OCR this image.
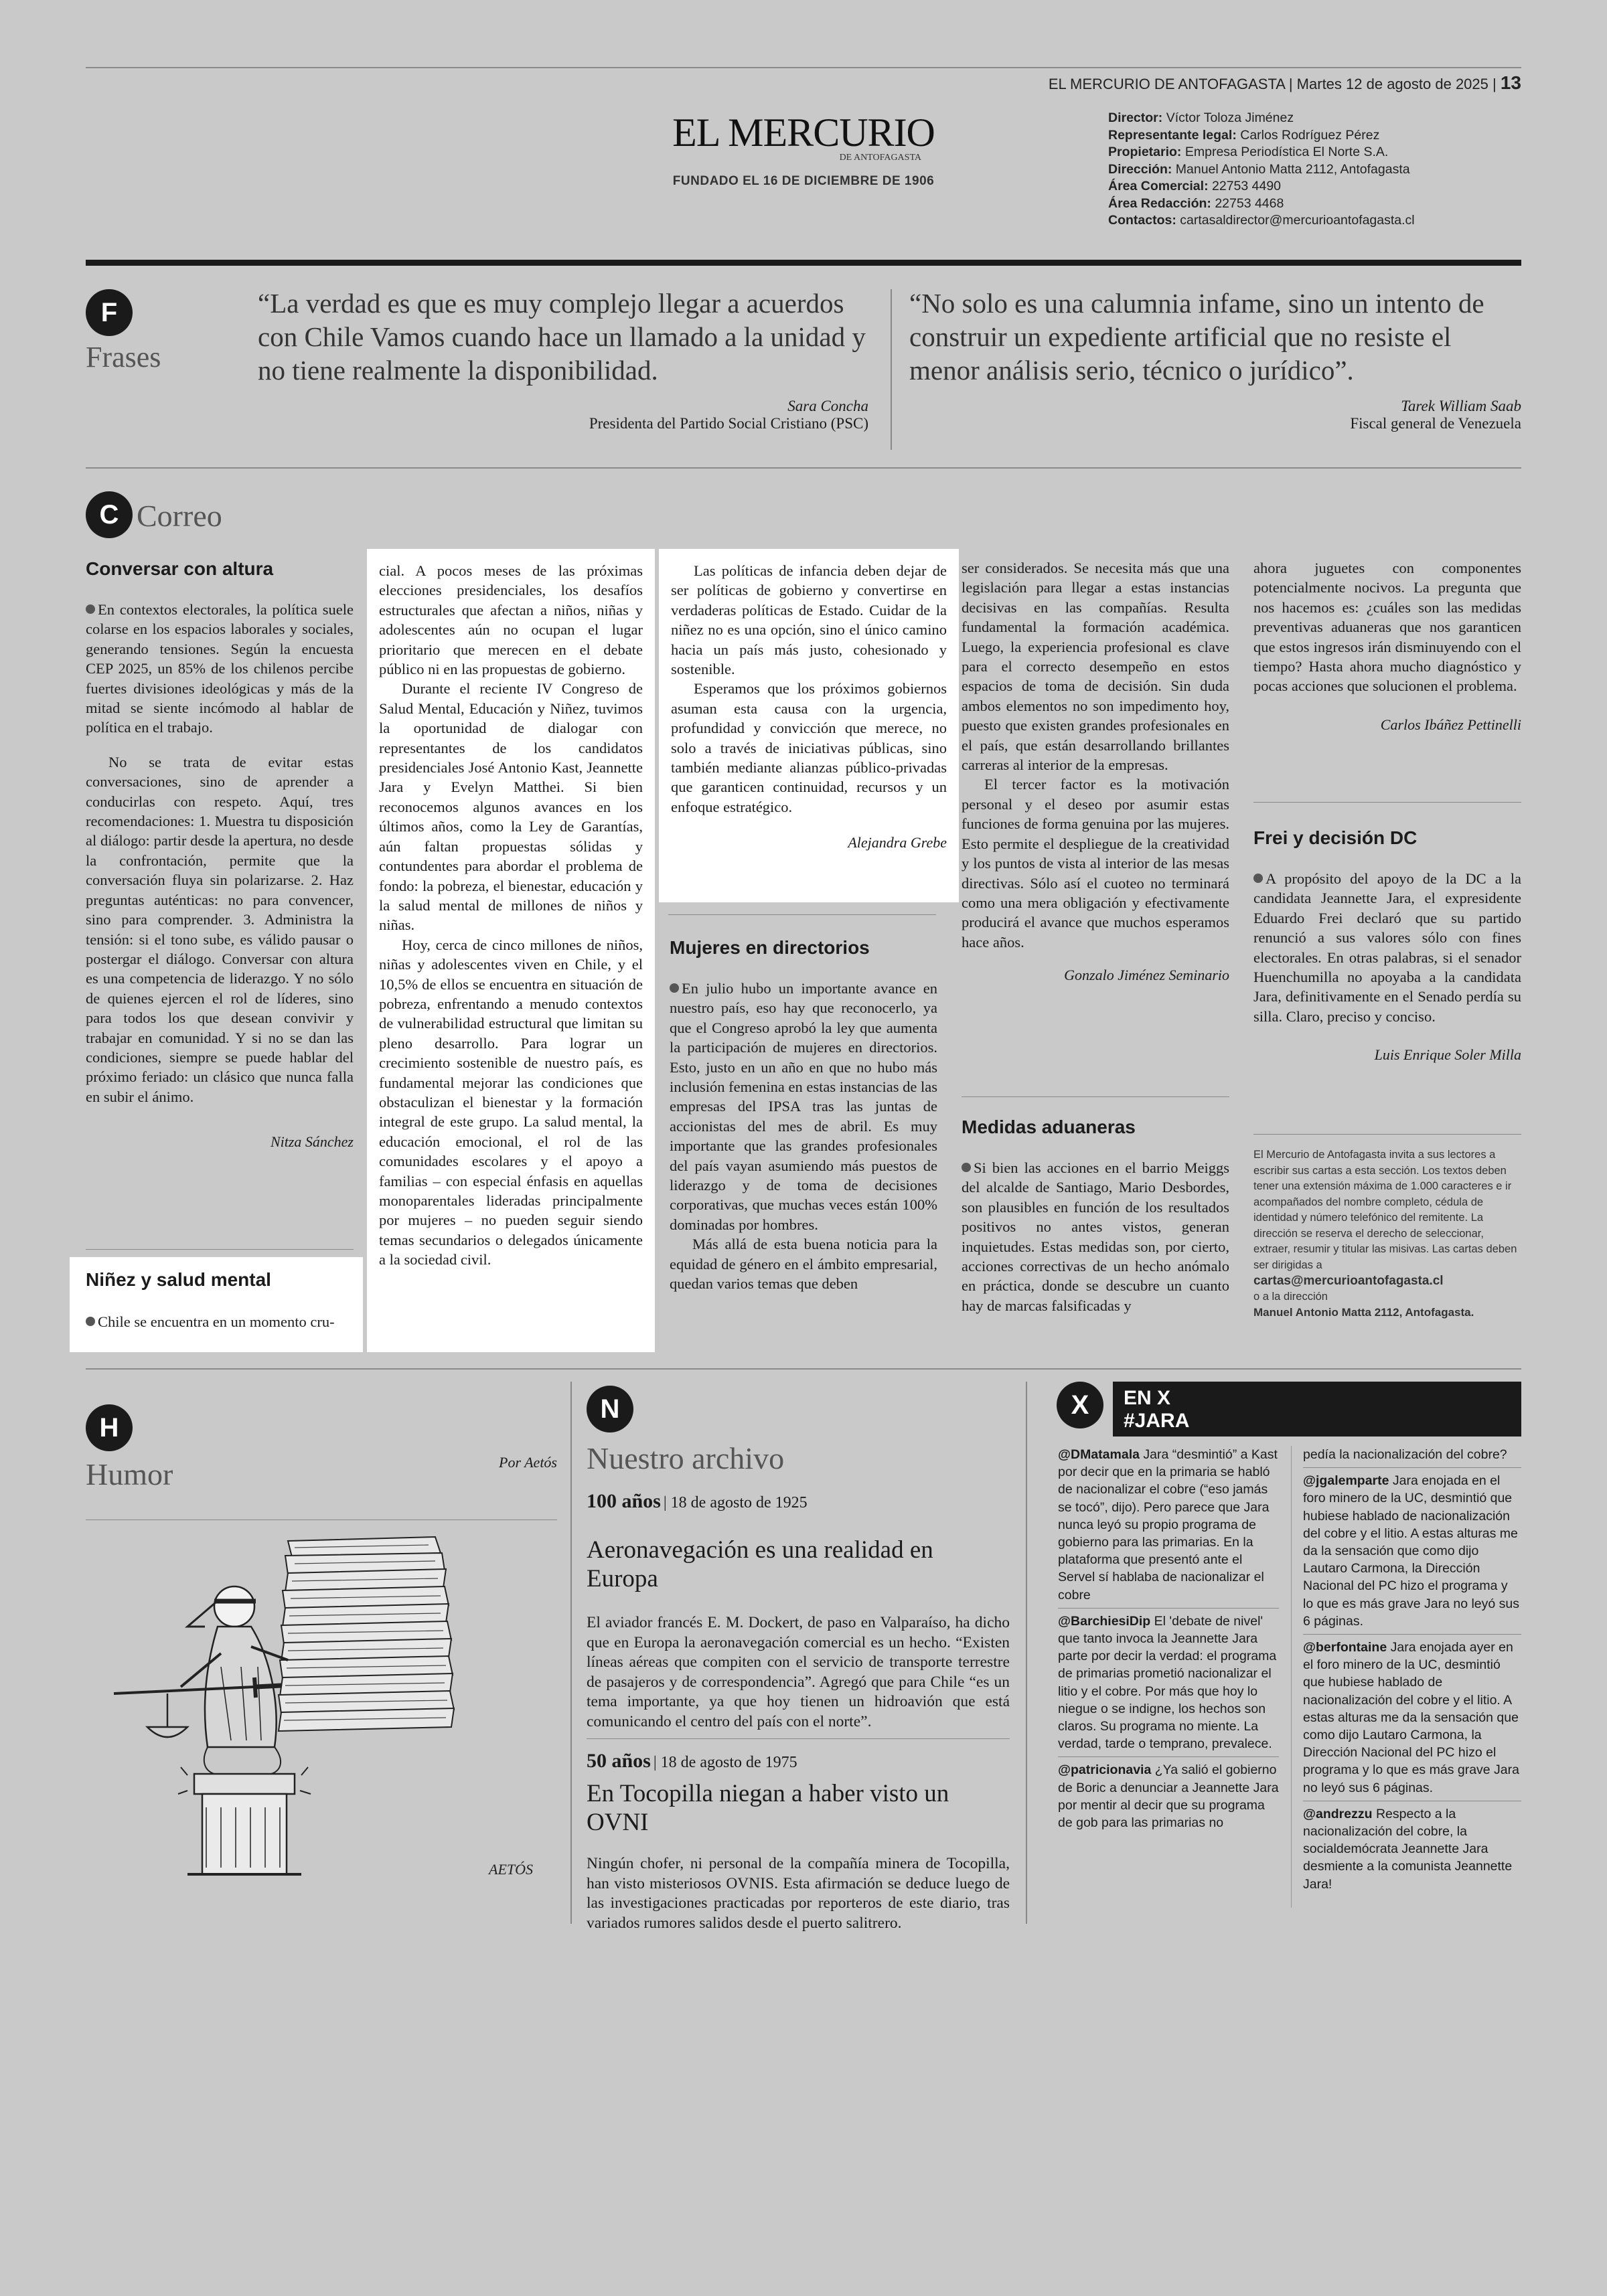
EL MERCURIO DE ANTOFAGASTA | Martes 12 de agosto de 2025 | 13
EL MERCURIO
DE ANTOFAGASTA
FUNDADO EL 16 DE DICIEMBRE DE 1906
Director: Víctor Toloza Jiménez
Representante legal: Carlos Rodríguez Pérez
Propietario: Empresa Periodística El Norte S.A.
Dirección: Manuel Antonio Matta 2112, Antofagasta
Área Comercial: 22753 4490
Área Redacción: 22753 4468
Contactos: cartasaldirector@mercurioantofagasta.cl
F
Frases
“La verdad es que es muy complejo llegar a acuerdos con Chile Vamos cuando hace un llamado a la unidad y no tiene realmente la disponibilidad.
Sara Concha
Presidenta del Partido Social Cristiano (PSC)
“No solo es una calumnia infame, sino un intento de construir un expediente artificial que no resiste el menor análisis serio, técnico o jurídico”.
Tarek William Saab
Fiscal general de Venezuela
C Correo
Conversar con altura

En contextos electorales, la política suele colarse en los espacios laborales y sociales, generando tensiones. Según la encuesta CEP 2025, un 85% de los chilenos percibe fuertes divisiones ideológicas y más de la mitad se siente incómodo al hablar de política en el trabajo.

No se trata de evitar estas conversaciones, sino de aprender a conducirlas con respeto. Aquí, tres recomendaciones: 1. Muestra tu disposición al diálogo: partir desde la apertura, no desde la confrontación, permite que la conversación fluya sin polarizarse. 2. Haz preguntas auténticas: no para convencer, sino para comprender. 3. Administra la tensión: si el tono sube, es válido pausar o postergar el diálogo. Conversar con altura es una competencia de liderazgo. Y no sólo de quienes ejercen el rol de líderes, sino para todos los que desean convivir y trabajar en comunidad. Y si no se dan las condiciones, siempre se puede hablar del próximo feriado: un clásico que nunca falla en subir el ánimo.

Nitza Sánchez
Niñez y salud mental
Chile se encuentra en un momento cru-

cial. A pocos meses de las próximas elecciones presidenciales, los desafíos estructurales que afectan a niños, niñas y adolescentes aún no ocupan el lugar prioritario que merecen en el debate público ni en las propuestas de gobierno.

Durante el reciente IV Congreso de Salud Mental, Educación y Niñez, tuvimos la oportunidad de dialogar con representantes de los candidatos presidenciales José Antonio Kast, Jeannette Jara y Evelyn Matthei. Si bien reconocemos algunos avances en los últimos años, como la Ley de Garantías, aún faltan propuestas sólidas y contundentes para abordar el problema de fondo: la pobreza, el bienestar, educación y la salud mental de millones de niños y niñas.

Hoy, cerca de cinco millones de niños, niñas y adolescentes viven en Chile, y el 10,5% de ellos se encuentra en situación de pobreza, enfrentando a menudo contextos de vulnerabilidad estructural que limitan su pleno desarrollo. Para lograr un crecimiento sostenible de nuestro país, es fundamental mejorar las condiciones que obstaculizan el bienestar y la formación integral de este grupo. La salud mental, la educación emocional, el rol de las comunidades escolares y el apoyo a familias – con especial énfasis en aquellas monoparentales lideradas principalmente por mujeres – no pueden seguir siendo temas secundarios o delegados únicamente a la sociedad civil.

Las políticas de infancia deben dejar de ser políticas de gobierno y convertirse en verdaderas políticas de Estado. Cuidar de la niñez no es una opción, sino el único camino hacia un país más justo, cohesionado y sostenible.

Esperamos que los próximos gobiernos asuman esta causa con la urgencia, profundidad y convicción que merece, no solo a través de iniciativas públicas, sino también mediante alianzas público-privadas que garanticen continuidad, recursos y un enfoque estratégico.

Alejandra Grebe
Mujeres en directorios

En julio hubo un importante avance en nuestro país, eso hay que reconocerlo, ya que el Congreso aprobó la ley que aumenta la participación de mujeres en directorios. Esto, justo en un año en que no hubo más inclusión femenina en estas instancias de las empresas del IPSA tras las juntas de accionistas del mes de abril. Es muy importante que las grandes profesionales del país vayan asumiendo más puestos de liderazgo y de toma de decisiones corporativas, que muchas veces están 100% dominadas por hombres.

Más allá de esta buena noticia para la equidad de género en el ámbito empresarial, quedan varios temas que deben

ser considerados. Se necesita más que una legislación para llegar a estas instancias decisivas en las compañías. Resulta fundamental la formación académica. Luego, la experiencia profesional es clave para el correcto desempeño en estos espacios de toma de decisión. Sin duda ambos elementos no son impedimento hoy, puesto que existen grandes profesionales en el país, que están desarrollando brillantes carreras al interior de la empresas.

El tercer factor es la motivación personal y el deseo por asumir estas funciones de forma genuina por las mujeres. Esto permite el despliegue de la creatividad y los puntos de vista al interior de las mesas directivas. Sólo así el cuoteo no terminará como una mera obligación y efectivamente producirá el avance que muchos esperamos hace años.

Gonzalo Jiménez Seminario
Medidas aduaneras

Si bien las acciones en el barrio Meiggs del alcalde de Santiago, Mario Desbordes, son plausibles en función de los resultados positivos no antes vistos, generan inquietudes. Estas medidas son, por cierto, acciones correctivas de un hecho anómalo en práctica, donde se descubre un cuanto hay de marcas falsificadas y

ahora juguetes con componentes potencialmente nocivos. La pregunta que nos hacemos es: ¿cuáles son las medidas preventivas aduaneras que nos garanticen que estos ingresos irán disminuyendo con el tiempo? Hasta ahora mucho diagnóstico y pocas acciones que solucionen el problema.

Carlos Ibáñez Pettinelli
Frei y decisión DC

A propósito del apoyo de la DC a la candidata Jeannette Jara, el expresidente Eduardo Frei declaró que su partido renunció a sus valores sólo con fines electorales. En otras palabras, si el senador Huenchumilla no apoyaba a la candidata Jara, definitivamente en el Senado perdía su silla. Claro, preciso y conciso.

Luis Enrique Soler Milla
El Mercurio de Antofagasta invita a sus lectores a escribir sus cartas a esta sección. Los textos deben tener una extensión máxima de 1.000 caracteres e ir acompañados del nombre completo, cédula de identidad y número telefónico del remitente. La dirección se reserva el derecho de seleccionar, extraer, resumir y titular las misivas. Las cartas deben ser dirigidas a
cartas@mercurioantofagasta.cl
o a la dirección
Manuel Antonio Matta 2112, Antofagasta.
H
Humor	Por Aetós
AETÓS
N
Nuestro archivo
100 años | 18 de agosto de 1925
Aeronavegación es una realidad en Europa
El aviador francés E. M. Dockert, de paso en Valparaíso, ha dicho que en Europa la aeronavegación comercial es un hecho. “Existen líneas aéreas que compiten con el servicio de transporte terrestre de pasajeros y de correspondencia”. Agregó que para Chile “es un tema importante, ya que hoy tienen un hidroavión que está comunicando el centro del país con el norte”.
50 años | 18 de agosto de 1975
En Tocopilla niegan a haber visto un OVNI
Ningún chofer, ni personal de la compañía minera de Tocopilla, han visto misteriosos OVNIS. Esta afirmación se deduce luego de las investigaciones practicadas por reporteros de este diario, tras variados rumores salidos desde el puerto salitrero.
X	EN X
#JARA
@DMatamala Jara “desmintió” a Kast por decir que en la primaria se habló de nacionalizar el cobre (“eso jamás se tocó”, dijo). Pero parece que Jara nunca leyó su propio programa de gobierno para las primarias. En la plataforma que presentó ante el Servel sí hablaba de nacionalizar el cobre
@BarchiesiDip El 'debate de nivel' que tanto invoca la Jeannette Jara parte por decir la verdad: el programa de primarias prometió nacionalizar el litio y el cobre. Por más que hoy lo niegue o se indigne, los hechos son claros. Su programa no miente. La verdad, tarde o temprano, prevalece.
@patricionavia ¿Ya salió el gobierno de Boric a denunciar a Jeannette Jara por mentir al decir que su programa de gob para las primarias no
pedía la nacionalización del cobre?
@jgalemparte Jara enojada en el foro minero de la UC, desmintió que hubiese hablado de nacionalización del cobre y el litio. A estas alturas me da la sensación que como dijo Lautaro Carmona, la Dirección Nacional del PC hizo el programa y lo que es más grave Jara no leyó sus 6 páginas.
@berfontaine Jara enojada ayer en el foro minero de la UC, desmintió que hubiese hablado de nacionalización del cobre y el litio. A estas alturas me da la sensación que como dijo Lautaro Carmona, la Dirección Nacional del PC hizo el programa y lo que es más grave Jara no leyó sus 6 páginas.
@andrezzu Respecto a la nacionalización del cobre, la socialdemócrata Jeannette Jara desmiente a la comunista Jeannette Jara!
